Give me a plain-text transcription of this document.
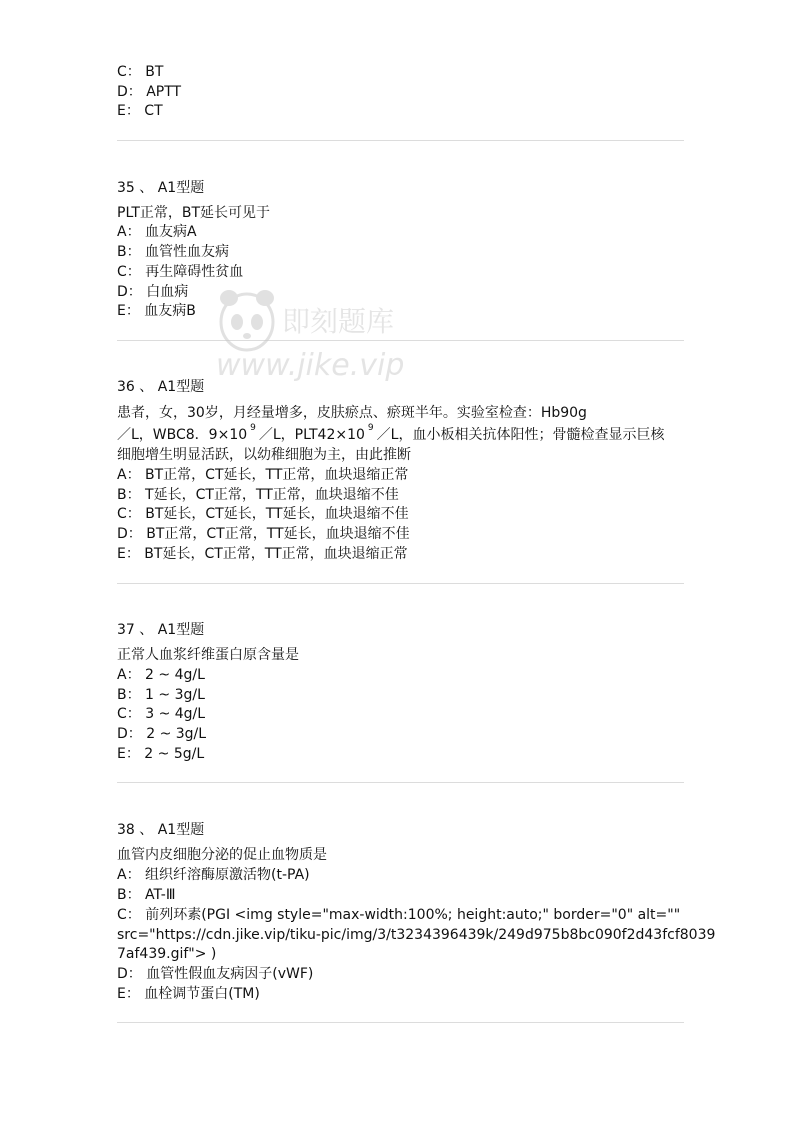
C： BT
D： APTT
E： CT
35 、 A1型题
PLT正常，BT延长可见于
A： 血友病A
B： 血管性血友病
C： 再生障碍性贫血
D： 白血病
E： 血友病B
36 、 A1型题
患者，女，30岁，月经量增多，皮肤瘀点、瘀斑半年。实验室检查：Hb90g
／L，WBC8．9×10 $^9$ ／L，PLT42×10 $^9$ ／L，血小板相关抗体阳性；骨髓检查显示巨核
细胞增生明显活跃，以幼稚细胞为主，由此推断
A： BT正常，CT延长，TT正常，血块退缩正常
B： T延长，CT正常，TT正常，血块退缩不佳
C： BT延长，CT延长，TT延长，血块退缩不佳
D： BT正常，CT正常，TT延长，血块退缩不佳
E： BT延长，CT正常，TT正常，血块退缩正常
37 、 A1型题
正常人血浆纤维蛋白原含量是
A： 2 ~ 4g/L
B： 1 ~ 3g/L
C： 3 ~ 4g/L
D： 2 ~ 3g/L
E： 2 ~ 5g/L
38 、 A1型题
血管内皮细胞分泌的促止血物质是
A： 组织纤溶酶原激活物(t-PA)
B： AT-Ⅲ
C： 前列环素(PGI <img style="max-width:100%; height:auto;" border="0" alt=""
src="https://cdn.jike.vip/tiku-pic/img/3/t3234396439k/249d975b8bc090f2d43fcf8039
7af439.gif"> )
D： 血管性假血友病因子(vWF)
E： 血栓调节蛋白(TM)
即刻题库
www.jike.vip
